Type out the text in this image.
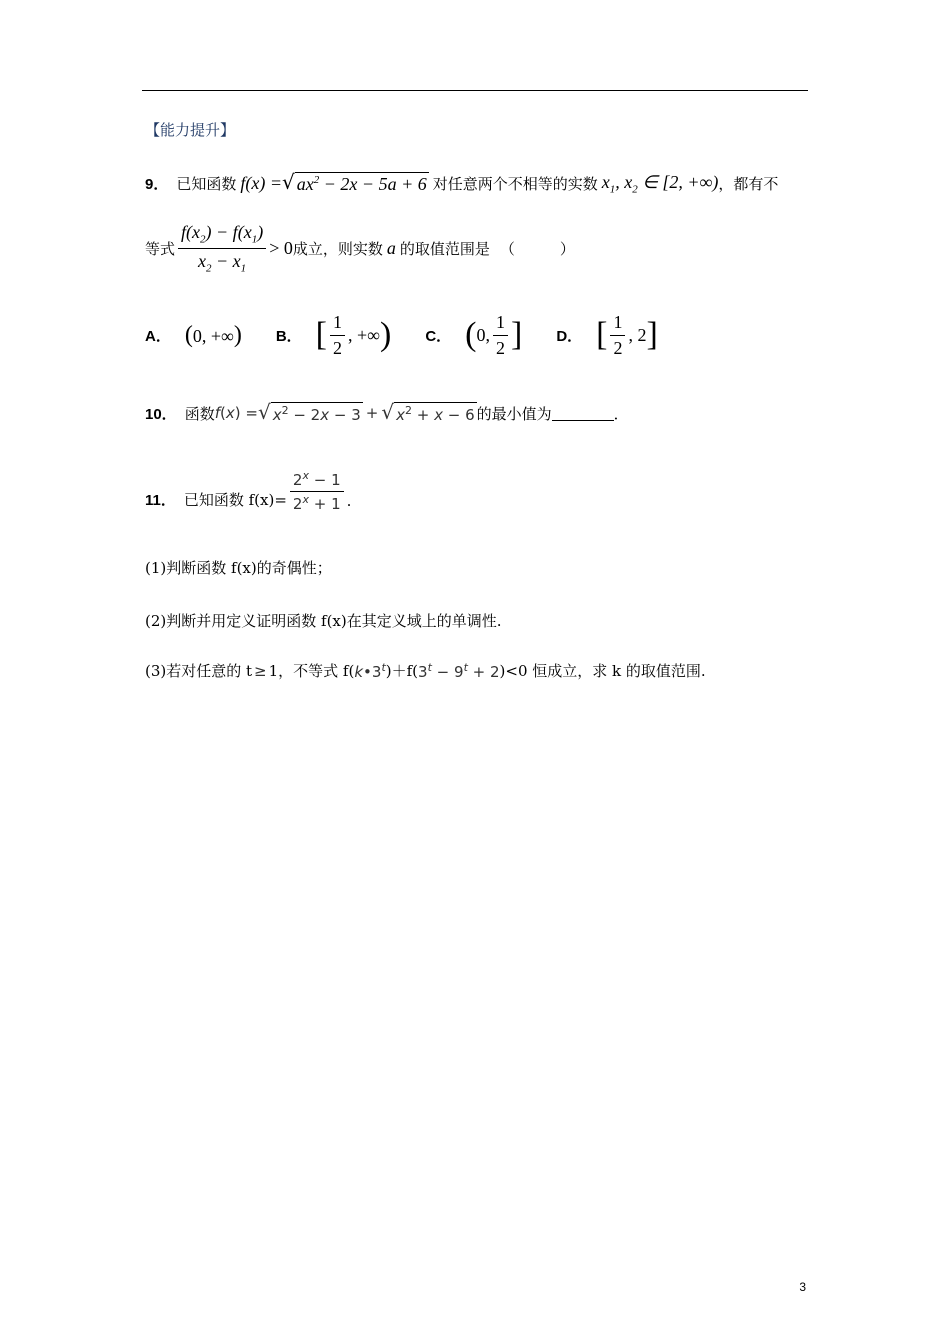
【能力提升】
9． 已知函数 f(x) = √ $ax^2 - 2x - 5a + 6$ 对任意两个不相等的实数 $x_1$, $x_2$ ∈ [2, +∞) ，都有不
等式 $\frac{f(x_2) - f(x_1)}{x_2 - x_1} > 0$ 成立，则实数 a 的取值范围是 （　　　）
A． (0, +∞) B． [ $\frac{1}{2}$ , +∞ ) C． ( 0, $\frac{1}{2}$ ] D． [ $\frac{1}{2}$ , 2 ]
10． 函数 f(x) = √ $x^2 - 2x - 3$ + √ $x^2 + x - 6$ 的最小值为	．
11． 已知函数 $f(x)= \frac{2^x - 1}{2^x + 1}$ .
(1)判断函数 f(x)的奇偶性；
(2)判断并用定义证明函数 f(x)在其定义域上的单调性.
(3)若对任意的 t ≥ 1，不等式 f( k•3$^t$ )＋f( $3^t - 9^t + 2$ )<0 恒成立，求 k 的取值范围.
3
